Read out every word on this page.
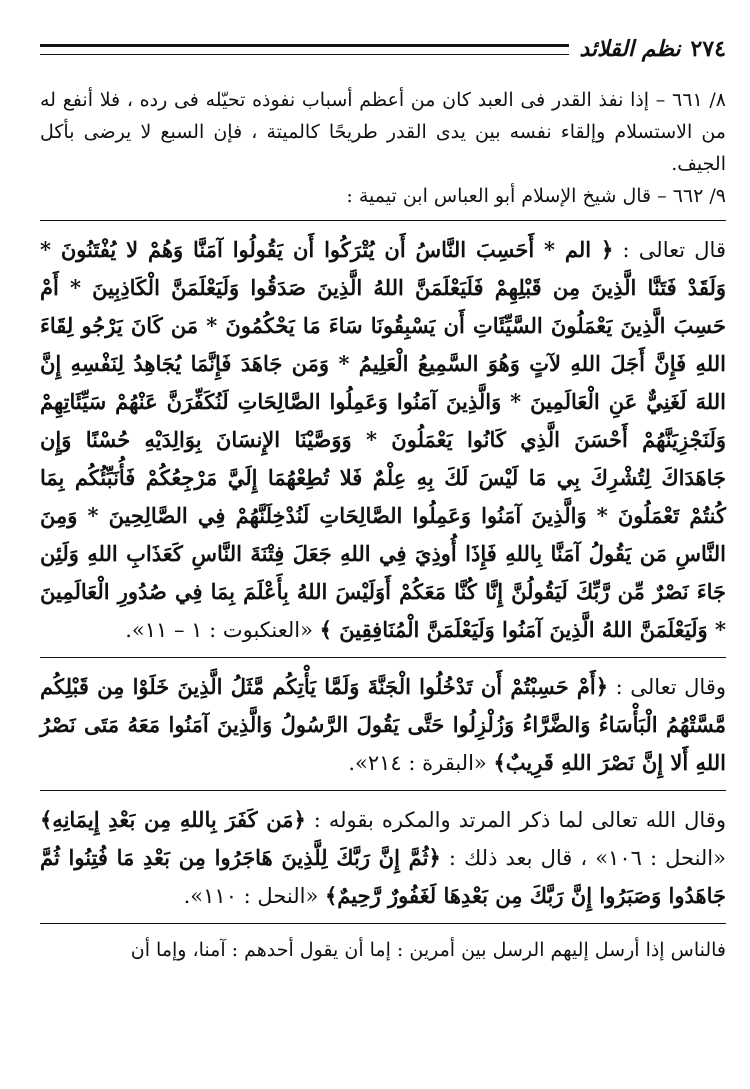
٢٧٤
نظم القلائد

٨/ ٦٦١ – إذا نفذ القدر فى العبد كان من أعظم أسباب نفوذه تحيّله فى رده ، فلا أنفع له من الاستسلام وإلقاء نفسه بين يدى القدر طريحًا كالميتة ، فإن السبع لا يرضى بأكل الجيف.

٩/ ٦٦٢ – قال شيخ الإسلام أبو العباس ابن تيمية :

قال تعالى : ﴿ الم * أَحَسِبَ النَّاسُ أَن يُتْرَكُوا أَن يَقُولُوا آمَنَّا وَهُمْ لا يُفْتَنُونَ * وَلَقَدْ فَتَنَّا الَّذِينَ مِن قَبْلِهِمْ فَلَيَعْلَمَنَّ اللهُ الَّذِينَ صَدَقُوا وَلَيَعْلَمَنَّ الْكَاذِبِينَ * أَمْ حَسِبَ الَّذِينَ يَعْمَلُونَ السَّيِّئَاتِ أَن يَسْبِقُونَا سَاءَ مَا يَحْكُمُونَ * مَن كَانَ يَرْجُو لِقَاءَ اللهِ فَإِنَّ أَجَلَ اللهِ لآتٍ وَهُوَ السَّمِيعُ الْعَلِيمُ * وَمَن جَاهَدَ فَإِنَّمَا يُجَاهِدُ لِنَفْسِهِ إِنَّ اللهَ لَغَنِيٌّ عَنِ الْعَالَمِينَ * وَالَّذِينَ آمَنُوا وَعَمِلُوا الصَّالِحَاتِ لَنُكَفِّرَنَّ عَنْهُمْ سَيِّئَاتِهِمْ وَلَنَجْزِيَنَّهُمْ أَحْسَنَ الَّذِي كَانُوا يَعْمَلُونَ * وَوَصَّيْنَا الإِنسَانَ بِوَالِدَيْهِ حُسْنًا وَإِن جَاهَدَاكَ لِتُشْرِكَ بِي مَا لَيْسَ لَكَ بِهِ عِلْمٌ فَلا تُطِعْهُمَا إِلَيَّ مَرْجِعُكُمْ فَأُنَبِّئُكُم بِمَا كُنتُمْ تَعْمَلُونَ * وَالَّذِينَ آمَنُوا وَعَمِلُوا الصَّالِحَاتِ لَنُدْخِلَنَّهُمْ فِي الصَّالِحِينَ * وَمِنَ النَّاسِ مَن يَقُولُ آمَنَّا بِاللهِ فَإِذَا أُوذِيَ فِي اللهِ جَعَلَ فِتْنَةَ النَّاسِ كَعَذَابِ اللهِ وَلَئِن جَاءَ نَصْرٌ مِّن رَّبِّكَ لَيَقُولُنَّ إِنَّا كُنَّا مَعَكُمْ أَوَلَيْسَ اللهُ بِأَعْلَمَ بِمَا فِي صُدُورِ الْعَالَمِينَ * وَلَيَعْلَمَنَّ اللهُ الَّذِينَ آمَنُوا وَلَيَعْلَمَنَّ الْمُنَافِقِينَ ﴾ «العنكبوت : ١ – ١١».

وقال تعالى : ﴿أَمْ حَسِبْتُمْ أَن تَدْخُلُوا الْجَنَّةَ وَلَمَّا يَأْتِكُم مَّثَلُ الَّذِينَ خَلَوْا مِن قَبْلِكُم مَّسَّتْهُمُ الْبَأْسَاءُ وَالضَّرَّاءُ وَزُلْزِلُوا حَتَّى يَقُولَ الرَّسُولُ وَالَّذِينَ آمَنُوا مَعَهُ مَتَى نَصْرُ اللهِ أَلا إِنَّ نَصْرَ اللهِ قَرِيبٌ﴾ «البقرة : ٢١٤».

وقال الله تعالى لما ذكر المرتد والمكره بقوله : ﴿مَن كَفَرَ بِاللهِ مِن بَعْدِ إِيمَانِهِ﴾ «النحل : ١٠٦» ، قال بعد ذلك : ﴿ثُمَّ إِنَّ رَبَّكَ لِلَّذِينَ هَاجَرُوا مِن بَعْدِ مَا فُتِنُوا ثُمَّ جَاهَدُوا وَصَبَرُوا إِنَّ رَبَّكَ مِن بَعْدِهَا لَغَفُورٌ رَّحِيمٌ﴾ «النحل : ١١٠».

فالناس إذا أرسل إليهم الرسل بين أمرين : إما أن يقول أحدهم : آمنا، وإما أن
